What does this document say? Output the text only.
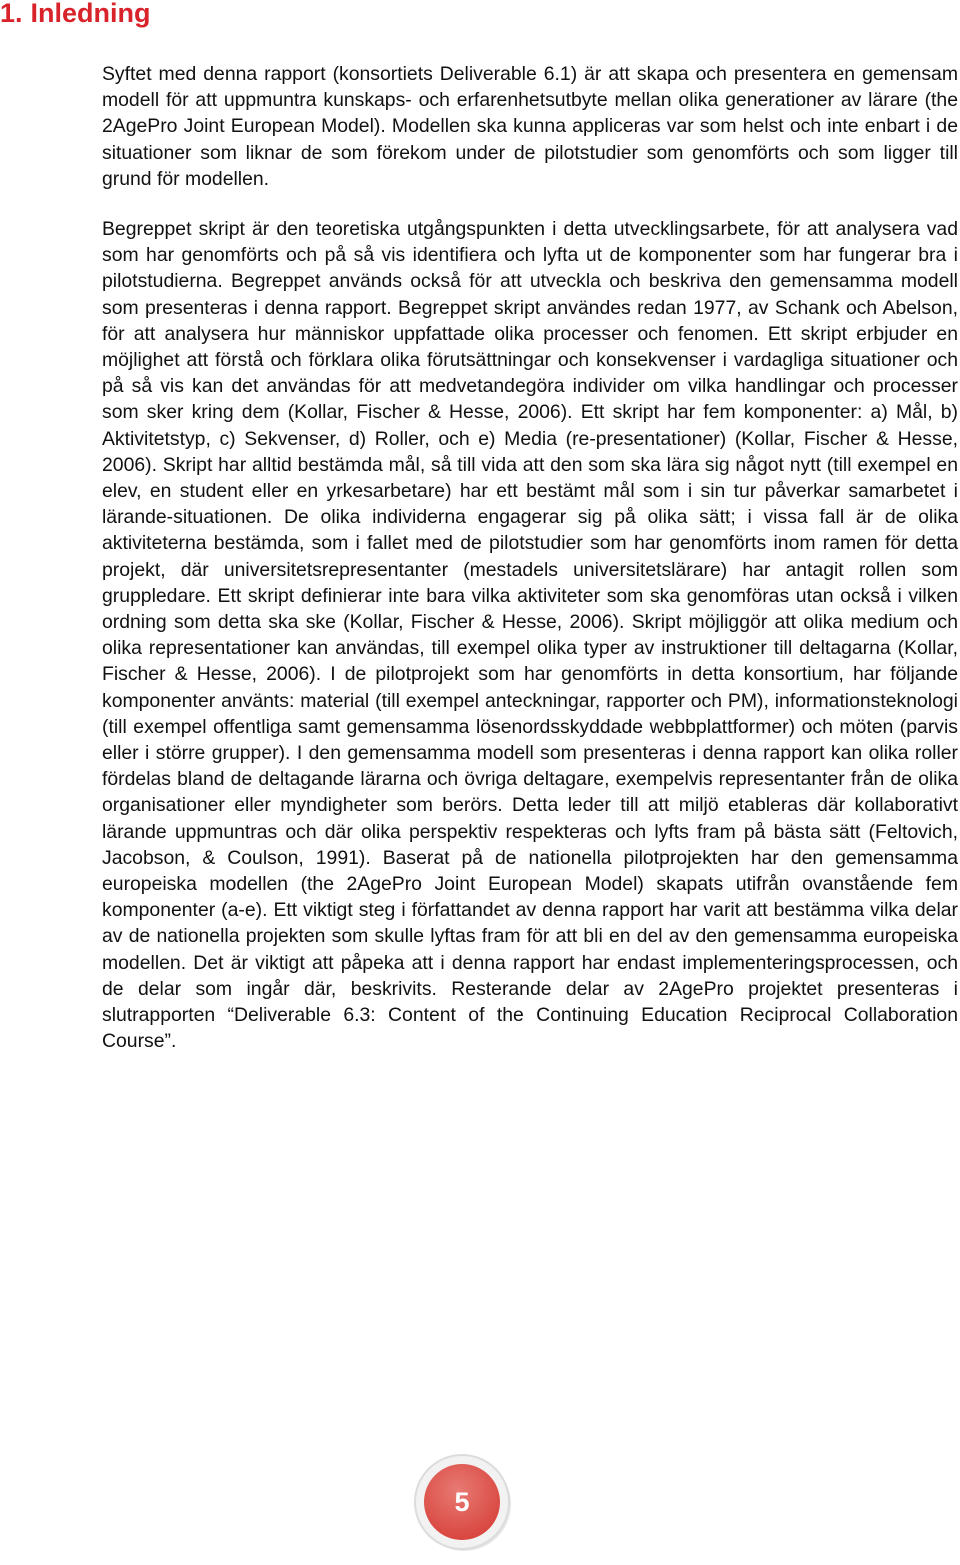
1. Inledning

Syftet med denna rapport (konsortiets Deliverable 6.1) är att skapa och presentera en gemensam modell för att uppmuntra kunskaps- och erfarenhetsutbyte mellan olika generationer av lärare (the 2AgePro Joint European Model). Modellen ska kunna appliceras var som helst och inte enbart i de situationer som liknar de som förekom under de pilotstudier som genomförts och som ligger till grund för modellen.

Begreppet skript är den teoretiska utgångspunkten i detta utvecklingsarbete, för att analysera vad som har genomförts och på så vis identifiera och lyfta ut de komponenter som har fungerar bra i pilotstudierna. Begreppet används också för att utveckla och beskriva den gemensamma modell som presenteras i denna rapport. Begreppet skript användes redan 1977, av Schank och Abelson, för att analysera hur människor uppfattade olika processer och fenomen. Ett skript erbjuder en möjlighet att förstå och förklara olika förutsättningar och konsekvenser i vardagliga situationer och på så vis kan det användas för att medvetandegöra individer om vilka handlingar och processer som sker kring dem (Kollar, Fischer & Hesse, 2006). Ett skript har fem komponenter: a) Mål, b) Aktivitetstyp, c) Sekvenser, d) Roller, och e) Media (re-presentationer) (Kollar, Fischer & Hesse, 2006). Skript har alltid bestämda mål, så till vida att den som ska lära sig något nytt (till exempel en elev, en student eller en yrkesarbetare) har ett bestämt mål som i sin tur påverkar samarbetet i lärande-situationen. De olika individerna engagerar sig på olika sätt; i vissa fall är de olika aktiviteterna bestämda, som i fallet med de pilotstudier som har genomförts inom ramen för detta projekt, där universitetsrepresentanter (mestadels universitetslärare) har antagit rollen som gruppledare. Ett skript definierar inte bara vilka aktiviteter som ska genomföras utan också i vilken ordning som detta ska ske (Kollar, Fischer & Hesse, 2006). Skript möjliggör att olika medium och olika representationer kan användas, till exempel olika typer av instruktioner till deltagarna (Kollar, Fischer & Hesse, 2006). I de pilotprojekt som har genomförts in detta konsortium, har följande komponenter använts: material (till exempel anteckningar, rapporter och PM), informationsteknologi (till exempel offentliga samt gemensamma lösenordsskyddade webbplattformer) och möten (parvis eller i större grupper). I den gemensamma modell som presenteras i denna rapport kan olika roller fördelas bland de deltagande lärarna och övriga deltagare, exempelvis representanter från de olika organisationer eller myndigheter som berörs. Detta leder till att miljö etableras där kollaborativt lärande uppmuntras och där olika perspektiv respekteras och lyfts fram på bästa sätt (Feltovich, Jacobson, & Coulson, 1991). Baserat på de nationella pilotprojekten har den gemensamma europeiska modellen (the 2AgePro Joint European Model) skapats utifrån ovanstående fem komponenter (a-e). Ett viktigt steg i författandet av denna rapport har varit att bestämma vilka delar av de nationella projekten som skulle lyftas fram för att bli en del av den gemensamma europeiska modellen. Det är viktigt att påpeka att i denna rapport har endast implementeringsprocessen, och de delar som ingår där, beskrivits. Resterande delar av 2AgePro projektet presenteras i slutrapporten “Deliverable 6.3: Content of the Continuing Education Reciprocal Collaboration Course”.

5
